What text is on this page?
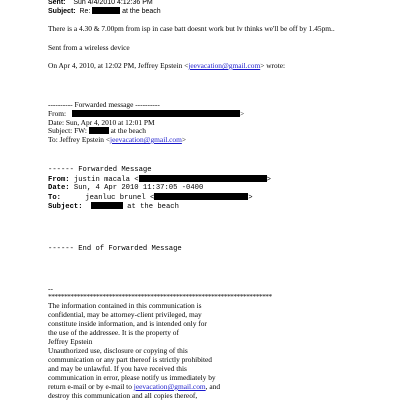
Sent: Sun 4/4/2010 4:12:36 PM
Subject: Re:	at the beach
There is a 4.30 & 7.00pm from isp in case batt doesnt work but lv thinks we'll be off by 1.45pm..
Sent from a wireless device
On Apr 4, 2010, at 12:02 PM, Jeffrey Epstein <jeevacation@gmail.com> wrote:
---------- Forwarded message ----------
From:	>
Date: Sun, Apr 4, 2010 at 12:01 PM
Subject: FW:	at the beach
To: Jeffrey Epstein <jeevacation@gmail.com>
------ Forwarded Message
From: justin macala <	>
Date: Sun, 4 Apr 2010 11:37:05 -0400
To:	jeanluc brunel <	>
Subject:	at the beach
------ End of Forwarded Message
--
**********************************************************************
The information contained in this communication is
confidential, may be attorney-client privileged, may
constitute inside information, and is intended only for
the use of the addressee. It is the property of
Jeffrey Epstein
Unauthorized use, disclosure or copying of this
communication or any part thereof is strictly prohibited
and may be unlawful. If you have received this
communication in error, please notify us immediately by
return e-mail or by e-mail to jeevacation@gmail.com, and
destroy this communication and all copies thereof,
